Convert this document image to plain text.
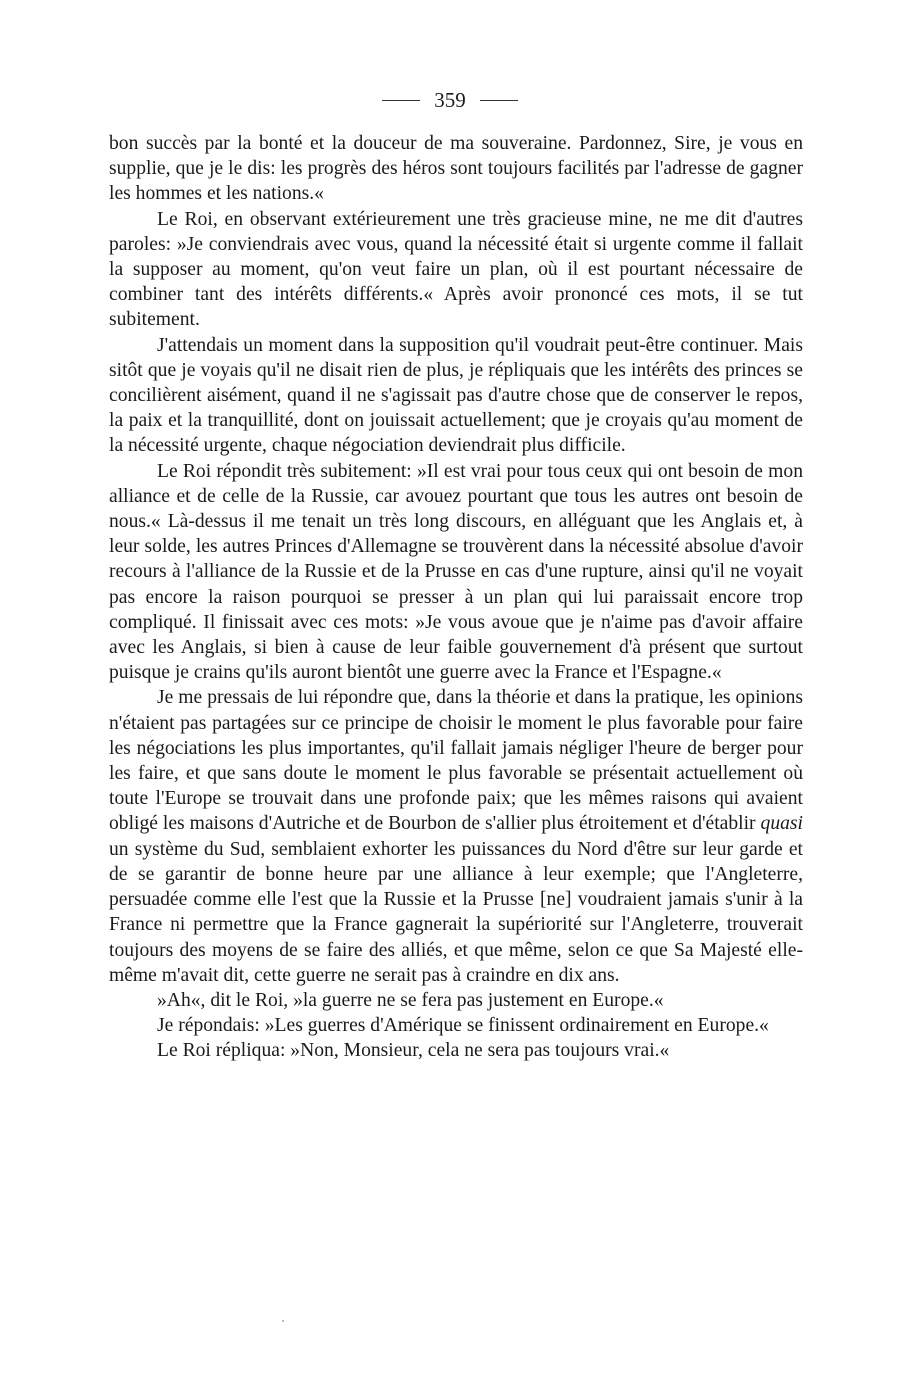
359

bon succès par la bonté et la douceur de ma souveraine. Pardonnez, Sire, je vous en supplie, que je le dis: les progrès des héros sont toujours facilités par l'adresse de gagner les hommes et les nations.«

Le Roi, en observant extérieurement une très gracieuse mine, ne me dit d'autres paroles: »Je conviendrais avec vous, quand la nécessité était si urgente comme il fallait la supposer au moment, qu'on veut faire un plan, où il est pourtant nécessaire de combiner tant des intérêts différents.« Après avoir prononcé ces mots, il se tut subitement.

J'attendais un moment dans la supposition qu'il voudrait peut-être continuer. Mais sitôt que je voyais qu'il ne disait rien de plus, je répliquais que les intérêts des princes se concilièrent aisément, quand il ne s'agissait pas d'autre chose que de conserver le repos, la paix et la tranquillité, dont on jouissait actuellement; que je croyais qu'au moment de la nécessité urgente, chaque négociation deviendrait plus difficile.

Le Roi répondit très subitement: »Il est vrai pour tous ceux qui ont besoin de mon alliance et de celle de la Russie, car avouez pourtant que tous les autres ont besoin de nous.« Là-dessus il me tenait un très long discours, en alléguant que les Anglais et, à leur solde, les autres Princes d'Allemagne se trouvèrent dans la nécessité absolue d'avoir recours à l'alliance de la Russie et de la Prusse en cas d'une rupture, ainsi qu'il ne voyait pas encore la raison pourquoi se presser à un plan qui lui paraissait encore trop compliqué. Il finissait avec ces mots: »Je vous avoue que je n'aime pas d'avoir affaire avec les Anglais, si bien à cause de leur faible gouvernement d'à présent que surtout puisque je crains qu'ils auront bientôt une guerre avec la France et l'Espagne.«

Je me pressais de lui répondre que, dans la théorie et dans la pratique, les opinions n'étaient pas partagées sur ce principe de choisir le moment le plus favorable pour faire les négociations les plus importantes, qu'il fallait jamais négliger l'heure de berger pour les faire, et que sans doute le moment le plus favorable se présentait actuellement où toute l'Europe se trouvait dans une profonde paix; que les mêmes raisons qui avaient obligé les maisons d'Autriche et de Bourbon de s'allier plus étroitement et d'établir quasi un système du Sud, semblaient exhorter les puissances du Nord d'être sur leur garde et de se garantir de bonne heure par une alliance à leur exemple; que l'Angleterre, persuadée comme elle l'est que la Russie et la Prusse [ne] voudraient jamais s'unir à la France ni permettre que la France gagnerait la supériorité sur l'Angleterre, trouverait toujours des moyens de se faire des alliés, et que même, selon ce que Sa Majesté elle-même m'avait dit, cette guerre ne serait pas à craindre en dix ans.

»Ah«, dit le Roi, »la guerre ne se fera pas justement en Europe.«

Je répondais: »Les guerres d'Amérique se finissent ordinairement en Europe.«

Le Roi répliqua: »Non, Monsieur, cela ne sera pas toujours vrai.«
